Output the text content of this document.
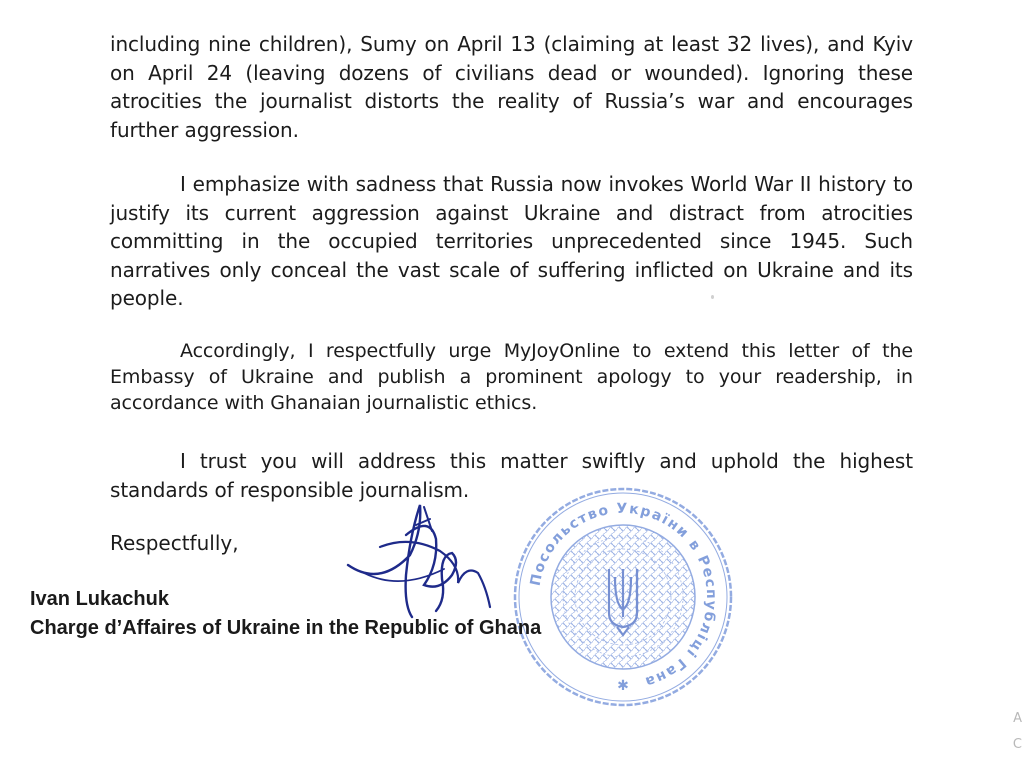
including nine children), Sumy on April 13 (claiming at least 32 lives), and Kyiv on April 24 (leaving dozens of civilians dead or wounded). Ignoring these atrocities the journalist distorts the reality of Russia’s war and encourages further aggression.

I emphasize with sadness that Russia now invokes World War II history to justify its current aggression against Ukraine and distract from atrocities committing in the occupied territories unprecedented since 1945. Such narratives only conceal the vast scale of suffering inflicted on Ukraine and its people.

Accordingly, I respectfully urge MyJoyOnline to extend this letter of the Embassy of Ukraine and publish a prominent apology to your readership, in accordance with Ghanaian journalistic ethics.

I trust you will address this matter swiftly and uphold the highest standards of responsible journalism.

Respectfully,

Посольство України в Республіці Гана
✱

Ivan Lukachuk

Charge d’Affaires of Ukraine in the Republic of Ghana

A
C
